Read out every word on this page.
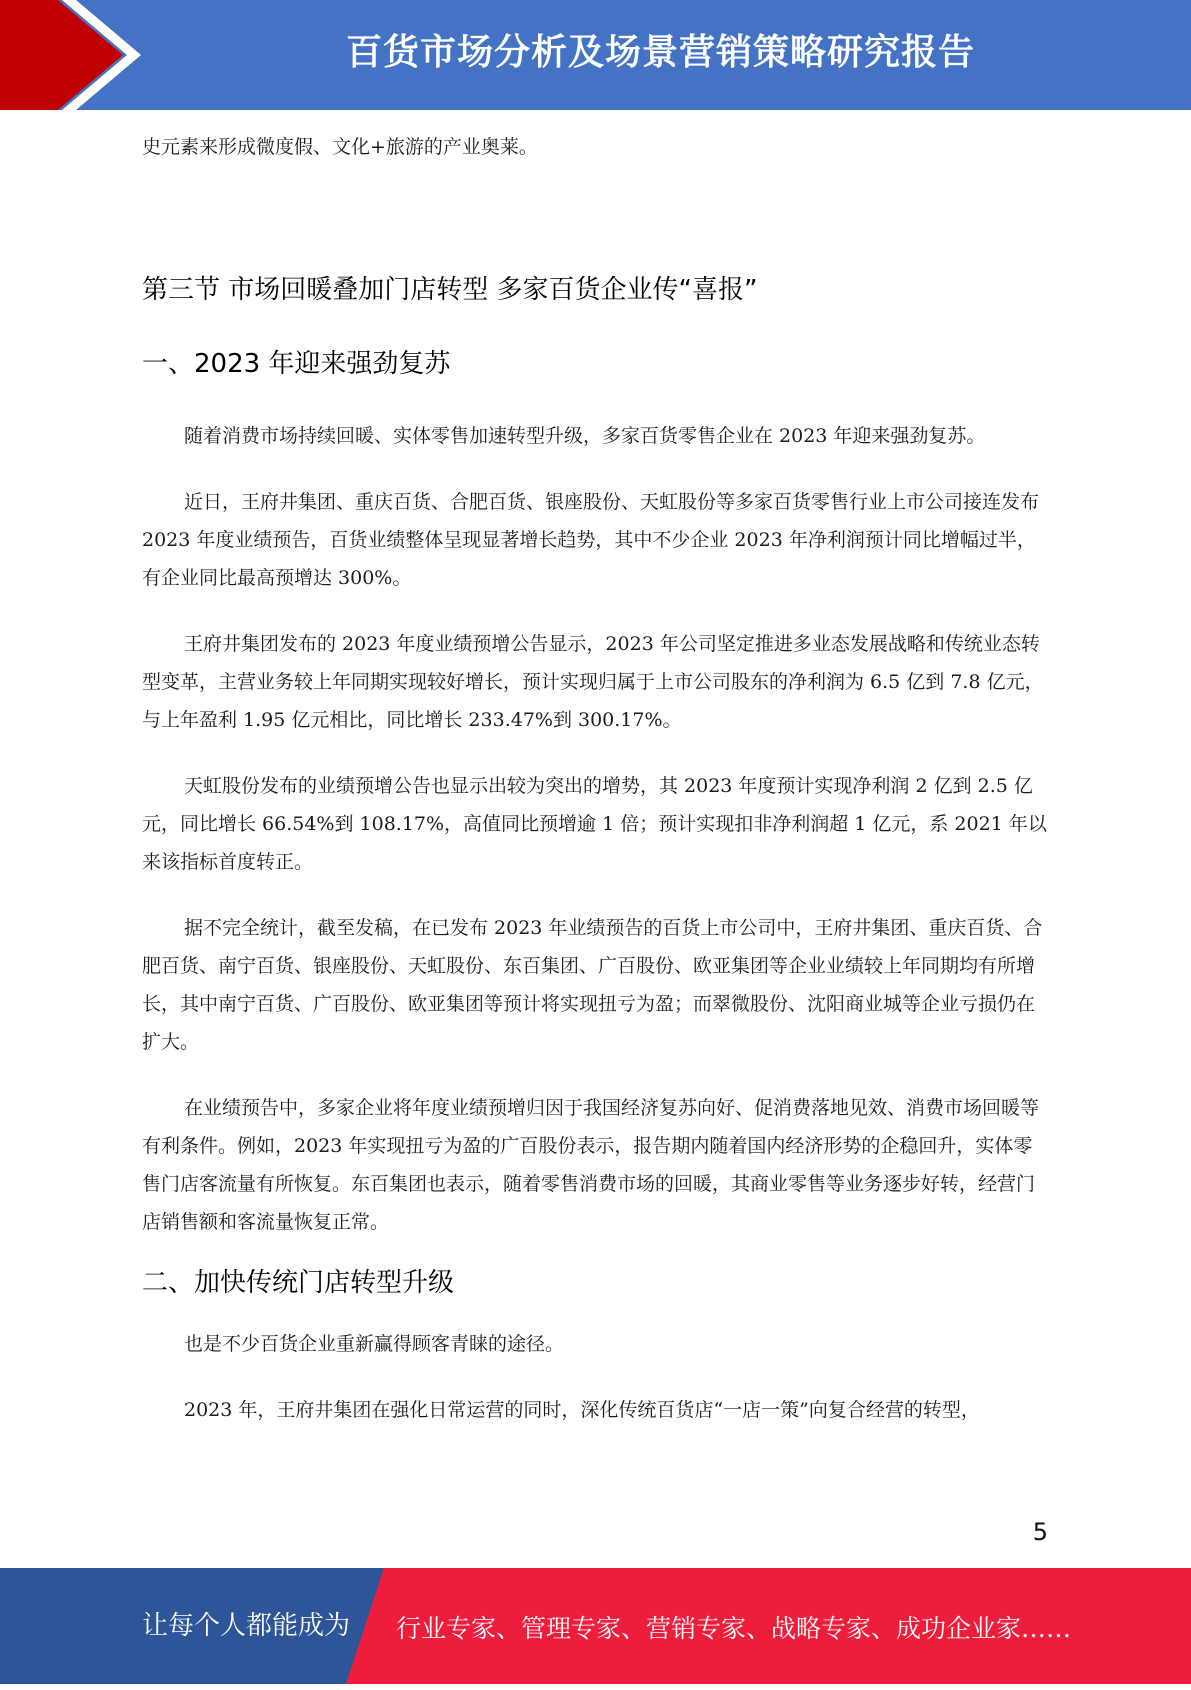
百货市场分析及场景营销策略研究报告

史元素来形成微度假、文化+旅游的产业奥莱。

第三节 市场回暖叠加门店转型 多家百货企业传“喜报”
一、2023 年迎来强劲复苏

随着消费市场持续回暖、实体零售加速转型升级，多家百货零售企业在 2023 年迎来强劲复苏。

近日，王府井集团、重庆百货、合肥百货、银座股份、天虹股份等多家百货零售行业上市公司接连发布 2023 年度业绩预告，百货业绩整体呈现显著增长趋势，其中不少企业 2023 年净利润预计同比增幅过半，有企业同比最高预增达 300%。

王府井集团发布的 2023 年度业绩预增公告显示，2023 年公司坚定推进多业态发展战略和传统业态转型变革，主营业务较上年同期实现较好增长，预计实现归属于上市公司股东的净利润为 6.5 亿到 7.8 亿元，与上年盈利 1.95 亿元相比，同比增长 233.47%到 300.17%。

天虹股份发布的业绩预增公告也显示出较为突出的增势，其 2023 年度预计实现净利润 2 亿到 2.5 亿元，同比增长 66.54%到 108.17%，高值同比预增逾 1 倍；预计实现扣非净利润超 1 亿元，系 2021 年以来该指标首度转正。

据不完全统计，截至发稿，在已发布 2023 年业绩预告的百货上市公司中，王府井集团、重庆百货、合肥百货、南宁百货、银座股份、天虹股份、东百集团、广百股份、欧亚集团等企业业绩较上年同期均有所增长，其中南宁百货、广百股份、欧亚集团等预计将实现扭亏为盈；而翠微股份、沈阳商业城等企业亏损仍在扩大。

在业绩预告中，多家企业将年度业绩预增归因于我国经济复苏向好、促消费落地见效、消费市场回暖等有利条件。例如，2023 年实现扭亏为盈的广百股份表示，报告期内随着国内经济形势的企稳回升，实体零售门店客流量有所恢复。东百集团也表示，随着零售消费市场的回暖，其商业零售等业务逐步好转，经营门店销售额和客流量恢复正常。

二、加快传统门店转型升级

也是不少百货企业重新赢得顾客青睐的途径。

2023 年，王府井集团在强化日常运营的同时，深化传统百货店“一店一策”向复合经营的转型，

5
让每个人都能成为 行业专家、管理专家、营销专家、战略专家、成功企业家……
